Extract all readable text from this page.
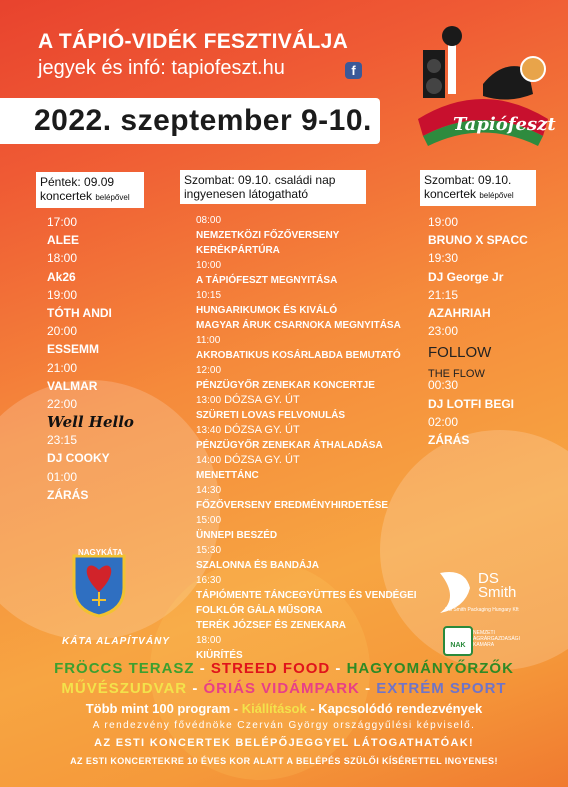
A TÁPIÓ-VIDÉK FESZTIVÁLJA
jegyek és infó: tapiofeszt.hu	f
Tapiófeszt
2022. szeptember 9-10.
Péntek: 09.09
koncertek belépővel
17:00
ALEE
18:00
Ak26
19:00
TÓTH ANDI
20:00
ESSEMM
21:00
VALMAR
22:00
Well Hello
23:15
DJ COOKY
01:00
ZÁRÁS
Szombat: 09.10. családi nap
ingyenesen látogatható
08:00
NEMZETKÖZI FŐZŐVERSENY
KERÉKPÁRTÚRA
10:00
A TÁPIÓFESZT MEGNYITÁSA
10:15
HUNGARIKUMOK ÉS KIVÁLÓ
MAGYAR ÁRUK CSARNOKA MEGNYITÁSA
11:00
AKROBATIKUS KOSÁRLABDA BEMUTATÓ
12:00
PÉNZÜGYŐR ZENEKAR KONCERTJE
13:00 DÓZSA GY. ÚT
SZÜRETI LOVAS FELVONULÁS
13:40 DÓZSA GY. ÚT
PÉNZÜGYŐR ZENEKAR ÁTHALADÁSA
14:00 DÓZSA GY. ÚT
MENETTÁNC
14:30
FŐZŐVERSENY EREDMÉNYHIRDETÉSE
15:00
ÜNNEPI BESZÉD
15:30
SZALONNA ÉS BANDÁJA
16:30
TÁPIÓMENTE TÁNCEGYÜTTES ÉS VENDÉGEI
FOLKLÓR GÁLA MŰSORA
TERÉK JÓZSEF ÉS ZENEKARA
18:00
KIÜRÍTÉS
Szombat: 09.10.
koncertek belépővel
19:00
BRUNO X SPACC
19:30
DJ George Jr
21:15
AZAHRIAH
23:00
FOLLOW
THE FLOW
00:30
DJ LOTFI BEGI
02:00
ZÁRÁS
NAGYKÁTA
KÁTA ALAPÍTVÁNY
DS
Smith
DS Smith Packaging Hungary Kft
NAK
NEMZETI AGRÁRGAZDASÁGI KAMARA
FRÖCCS TERASZ - STREED FOOD - HAGYOMÁNYŐRZŐK
MŰVÉSZUDVAR - ÓRIÁS VIDÁMPARK - EXTRÉM SPORT
Több mint 100 program - Kiállítások - Kapcsolódó rendezvények
A rendezvény fővédnöke Czerván György országgyűlési képviselő.
AZ ESTI KONCERTEK BELÉPŐJEGGYEL LÁTOGATHATÓAK!
AZ ESTI KONCERTEKRE 10 ÉVES KOR ALATT A BELÉPÉS SZÜLŐI KÍSÉRETTEL INGYENES!
